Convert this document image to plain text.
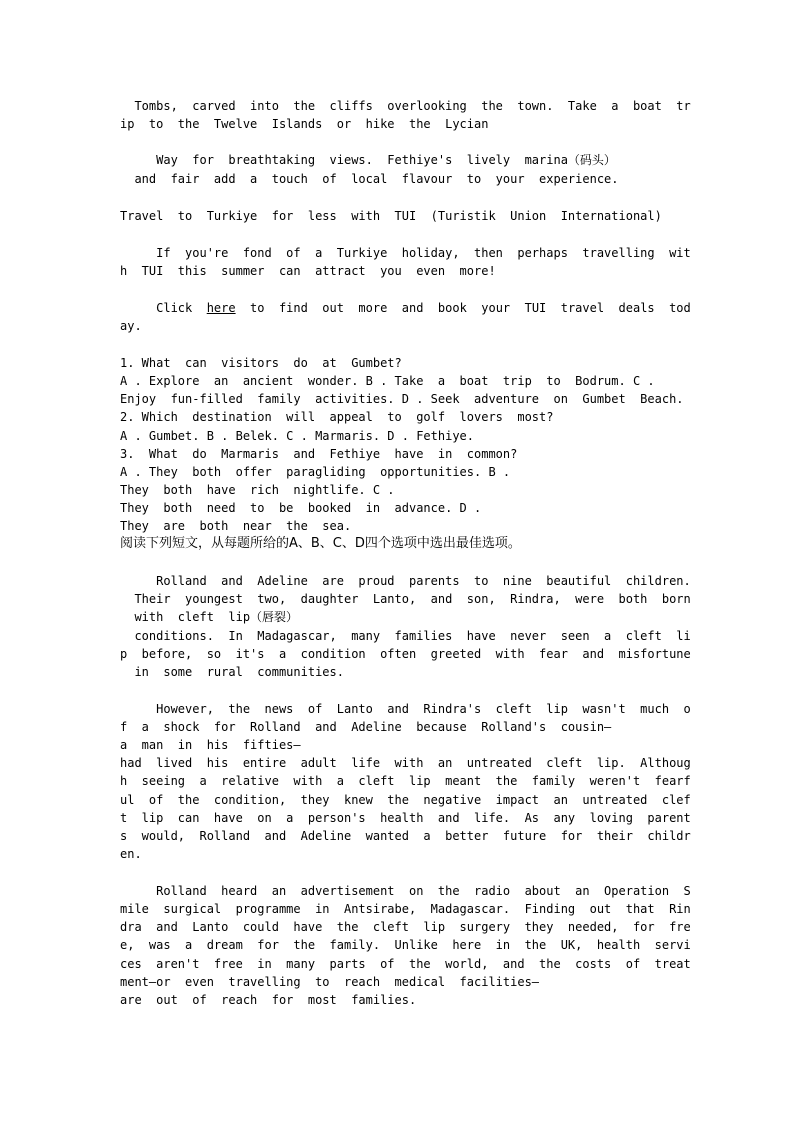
Tombs,  carved  into  the  cliffs  overlooking  the  town.  Take  a  boat  tr
ip  to  the  Twelve  Islands  or  hike  the  Lycian
Way  for  breathtaking  views.  Fethiye's  lively  marina（码头）
and  fair  add  a  touch  of  local  flavour  to  your  experience.
Travel  to  Turkiye  for  less  with  TUI  (Turistik  Union  International)
If  you're  fond  of  a  Turkiye  holiday,  then  perhaps  travelling  wit
h  TUI  this  summer  can  attract  you  even  more!
Click  here  to  find  out  more  and  book  your  TUI  travel  deals  tod
ay.
1. What  can  visitors  do  at  Gumbet?
A . Explore  an  ancient  wonder. B . Take  a  boat  trip  to  Bodrum. C .
Enjoy  fun-filled  family  activities. D . Seek  adventure  on  Gumbet  Beach.
2. Which  destination  will  appeal  to  golf  lovers  most?
A . Gumbet. B . Belek. C . Marmaris. D . Fethiye.
3.  What  do  Marmaris  and  Fethiye  have  in  common?
A . They  both  offer  paragliding  opportunities. B .
They  both  have  rich  nightlife. C .
They  both  need  to  be  booked  in  advance. D .
They  are  both  near  the  sea.
阅读下列短文，从每题所给的A、B、C、D四个选项中选出最佳选项。
Rolland  and  Adeline  are  proud  parents  to  nine  beautiful  children.
Their  youngest  two,  daughter  Lanto,  and  son,  Rindra,  were  both  born
with  cleft  lip（唇裂）
conditions.  In  Madagascar,  many  families  have  never  seen  a  cleft  li
p  before,  so  it's  a  condition  often  greeted  with  fear  and  misfortune
in  some  rural  communities.
However,  the  news  of  Lanto  and  Rindra's  cleft  lip  wasn't  much  o
f  a  shock  for  Rolland  and  Adeline  because  Rolland's  cousin—
a  man  in  his  fifties—
had  lived  his  entire  adult  life  with  an  untreated  cleft  lip.  Althoug
h  seeing  a  relative  with  a  cleft  lip  meant  the  family  weren't  fearf
ul  of  the  condition,  they  knew  the  negative  impact  an  untreated  clef
t  lip  can  have  on  a  person's  health  and  life.  As  any  loving  parent
s  would,  Rolland  and  Adeline  wanted  a  better  future  for  their  childr
en.
Rolland  heard  an  advertisement  on  the  radio  about  an  Operation  S
mile  surgical  programme  in  Antsirabe,  Madagascar.  Finding  out  that  Rin
dra  and  Lanto  could  have  the  cleft  lip  surgery  they  needed,  for  fre
e,  was  a  dream  for  the  family.  Unlike  here  in  the  UK,  health  servi
ces  aren't  free  in  many  parts  of  the  world,  and  the  costs  of  treat
ment—or  even  travelling  to  reach  medical  facilities—
are  out  of  reach  for  most  families.
